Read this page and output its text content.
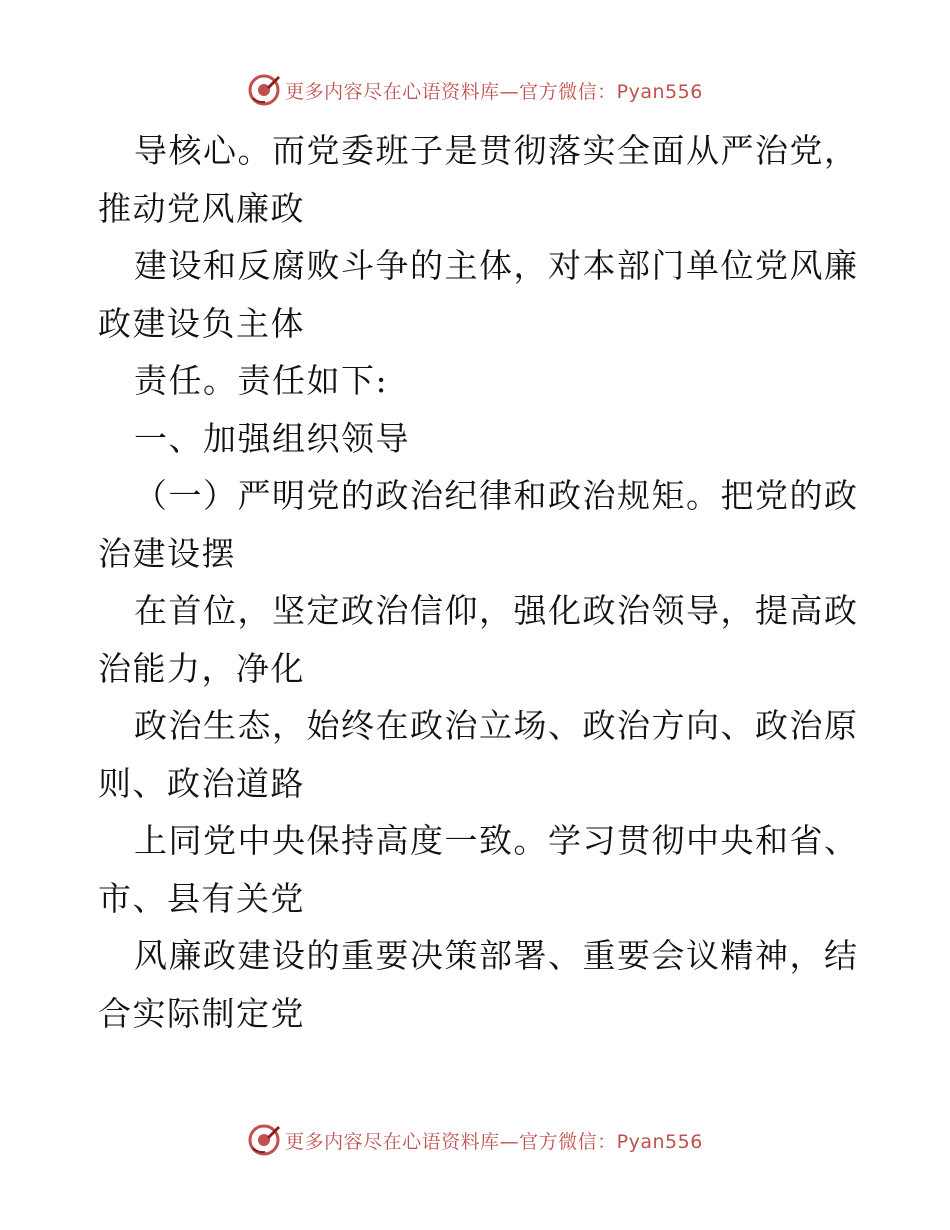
更多内容尽在心语资料库—官方微信：Pyan556

导核心。而党委班子是贯彻落实全面从严治党，
推动党风廉政

建设和反腐败斗争的主体，对本部门单位党风廉
政建设负主体

责任。责任如下:

一、加强组织领导

（一）严明党的政治纪律和政治规矩。把党的政
治建设摆

在首位，坚定政治信仰，强化政治领导，提高政
治能力，净化

政治生态，始终在政治立场、政治方向、政治原
则、政治道路

上同党中央保持高度一致。学习贯彻中央和省、
市、县有关党

风廉政建设的重要决策部署、重要会议精神，结
合实际制定党

更多内容尽在心语资料库—官方微信：Pyan556
